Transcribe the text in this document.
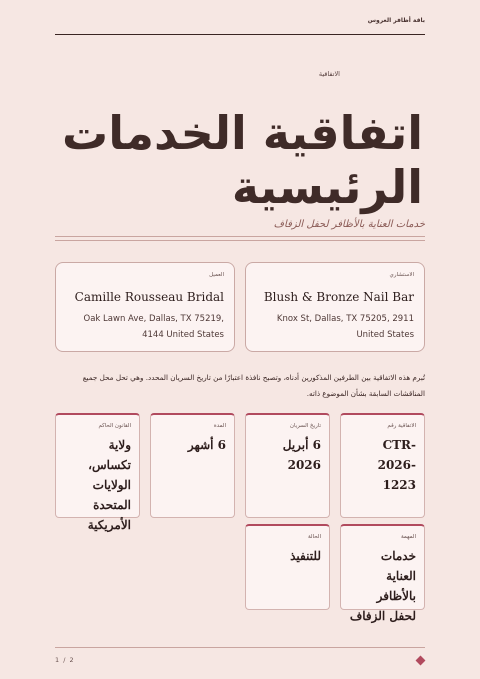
باقة أظافر العروس
الاتفاقية
اتفاقية الخدمات الرئيسية
خدمات العناية بالأظافر لحفل الزفاف
الاستشاري
Blush & Bronze Nail Bar
Knox St, Dallas, TX 75205, 2911 United States
العميل
Camille Rousseau Bridal
Oak Lawn Ave, Dallas, TX 75219, 4144 United States
تُبرم هذه الاتفاقية بين الطرفين المذكورين أدناه، وتصبح نافذة اعتبارًا من تاريخ السريان المحدد. وهي تحل محل جميع المناقشات السابقة بشأن الموضوع ذاته.
الاتفاقية رقم
CTR-2026-1223
تاريخ السريان
6 أبريل 2026
المدة
6 أشهر
القانون الحاكم
ولاية تكساس، الولايات المتحدة الأمريكية
المهمة
خدمات العناية بالأظافر لحفل الزفاف
الحالة
للتنفيذ
1 / 2
